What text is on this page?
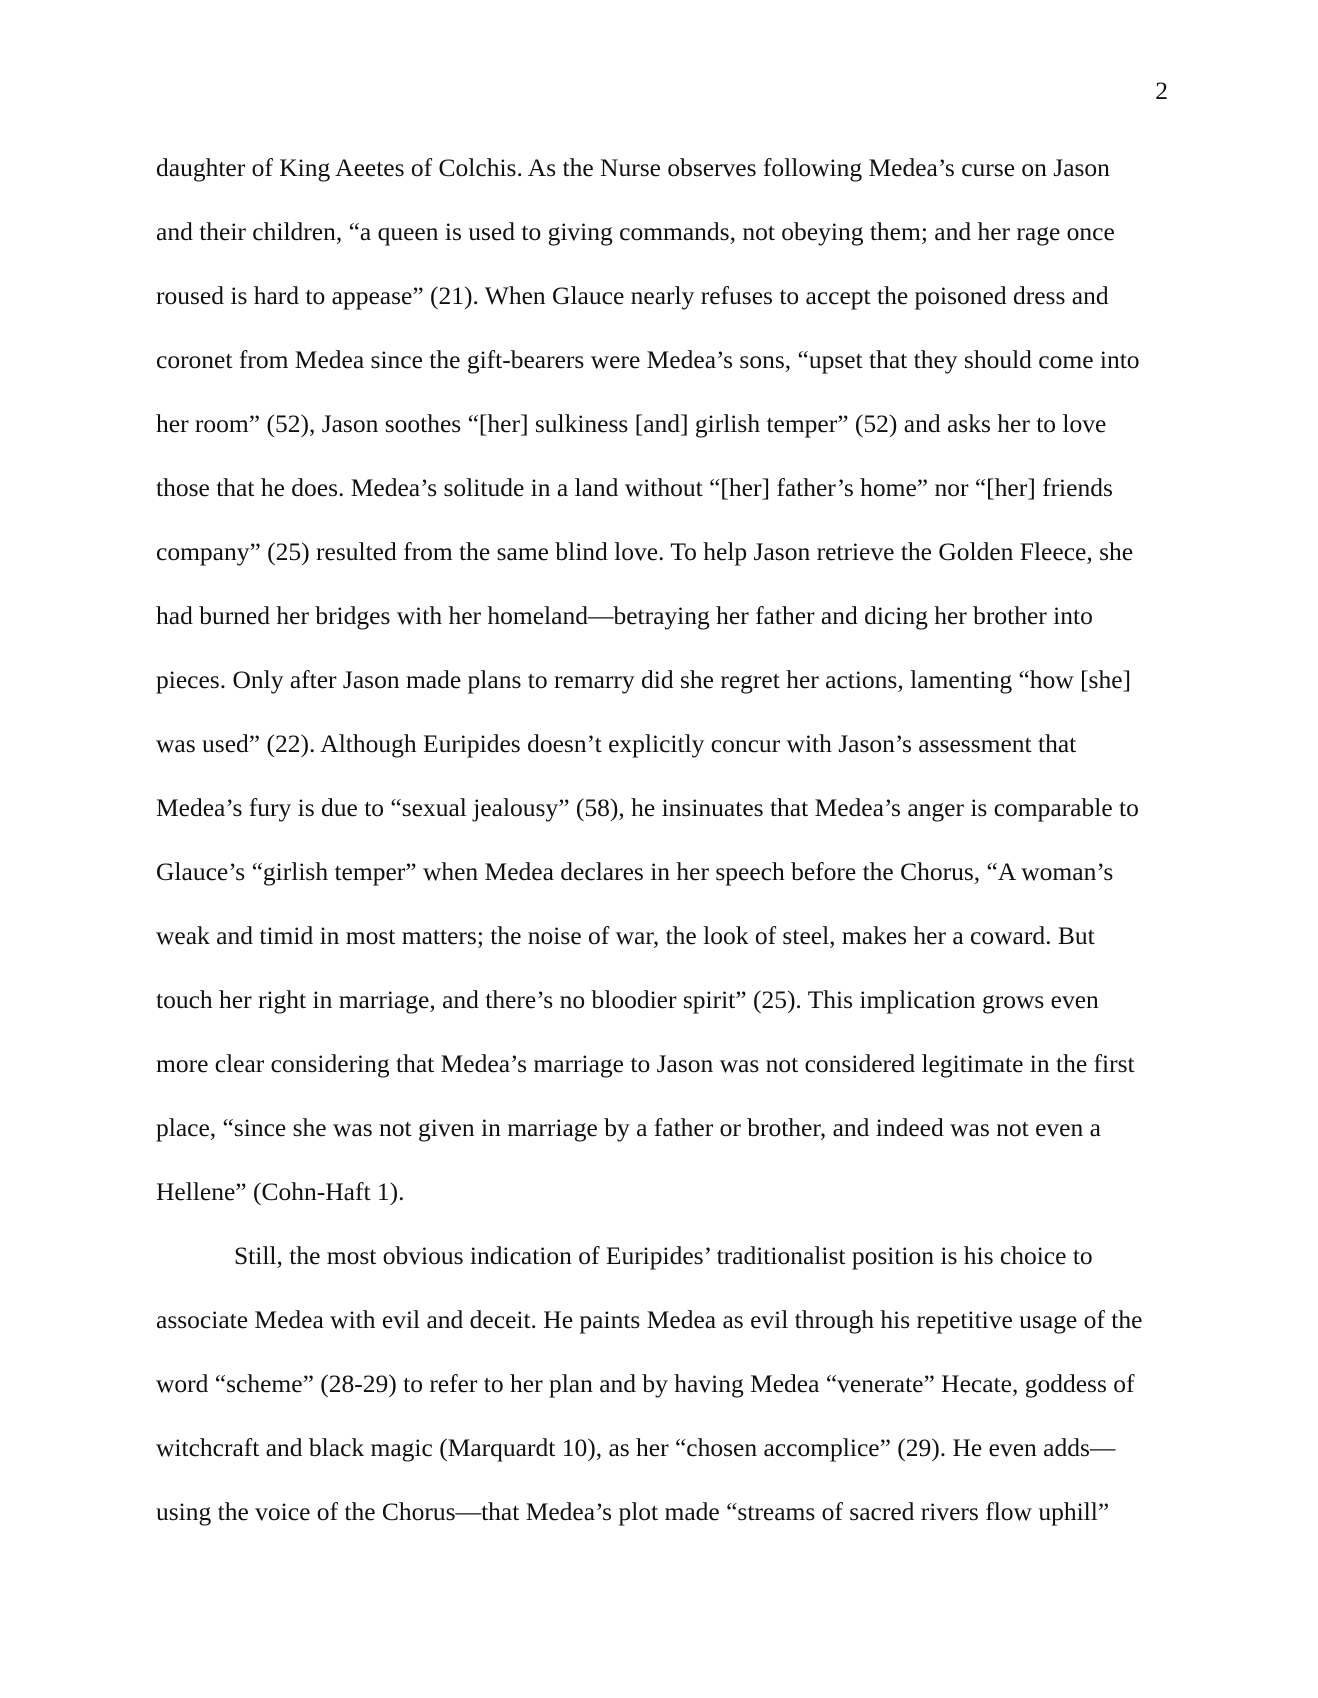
2
daughter of King Aeetes of Colchis. As the Nurse observes following Medea’s curse on Jason
and their children, “a queen is used to giving commands, not obeying them; and her rage once
roused is hard to appease” (21). When Glauce nearly refuses to accept the poisoned dress and
coronet from Medea since the gift-bearers were Medea’s sons, “upset that they should come into
her room” (52), Jason soothes “[her] sulkiness [and] girlish temper” (52) and asks her to love
those that he does. Medea’s solitude in a land without “[her] father’s home” nor “[her] friends
company” (25) resulted from the same blind love. To help Jason retrieve the Golden Fleece, she
had burned her bridges with her homeland—betraying her father and dicing her brother into
pieces. Only after Jason made plans to remarry did she regret her actions, lamenting “how [she]
was used” (22). Although Euripides doesn’t explicitly concur with Jason’s assessment that
Medea’s fury is due to “sexual jealousy” (58), he insinuates that Medea’s anger is comparable to
Glauce’s “girlish temper” when Medea declares in her speech before the Chorus, “A woman’s
weak and timid in most matters; the noise of war, the look of steel, makes her a coward. But
touch her right in marriage, and there’s no bloodier spirit” (25). This implication grows even
more clear considering that Medea’s marriage to Jason was not considered legitimate in the first
place, “since she was not given in marriage by a father or brother, and indeed was not even a
Hellene” (Cohn-Haft 1).
Still, the most obvious indication of Euripides’ traditionalist position is his choice to
associate Medea with evil and deceit. He paints Medea as evil through his repetitive usage of the
word “scheme” (28-29) to refer to her plan and by having Medea “venerate” Hecate, goddess of
witchcraft and black magic (Marquardt 10), as her “chosen accomplice” (29). He even adds—
using the voice of the Chorus—that Medea’s plot made “streams of sacred rivers flow uphill”
